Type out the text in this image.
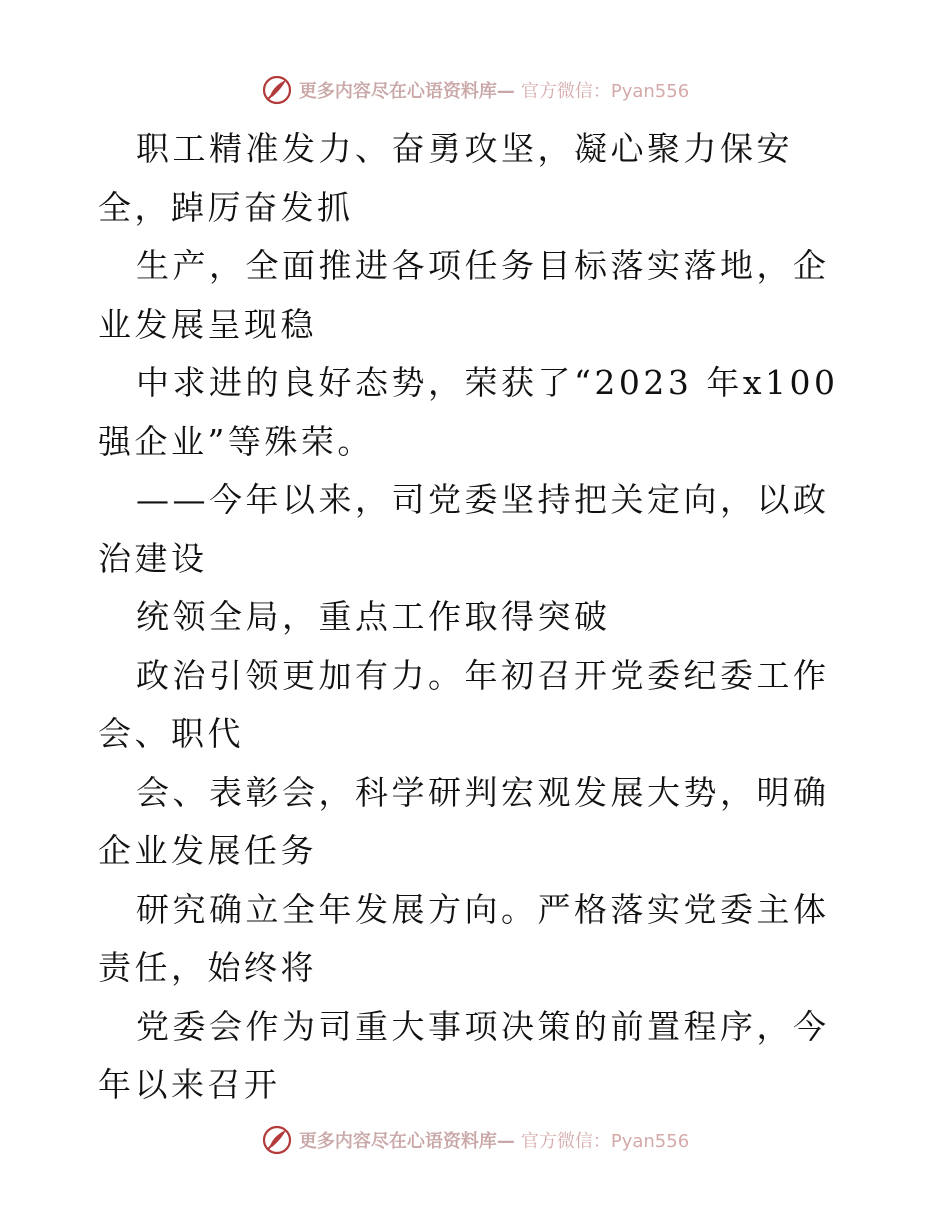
更多内容尽在心语资料库— 官方微信：Pyan556

职工精准发力、奋勇攻坚，凝心聚力保安全，踔厉奋发抓

生产，全面推进各项任务目标落实落地，企业发展呈现稳

中求进的良好态势，荣获了“2023 年x100 强企业”等殊荣。

——今年以来，司党委坚持把关定向，以政治建设

统领全局，重点工作取得突破

政治引领更加有力。年初召开党委纪委工作会、职代

会、表彰会，科学研判宏观发展大势，明确企业发展任务

研究确立全年发展方向。严格落实党委主体责任，始终将

党委会作为司重大事项决策的前置程序，今年以来召开

更多内容尽在心语资料库— 官方微信：Pyan556
